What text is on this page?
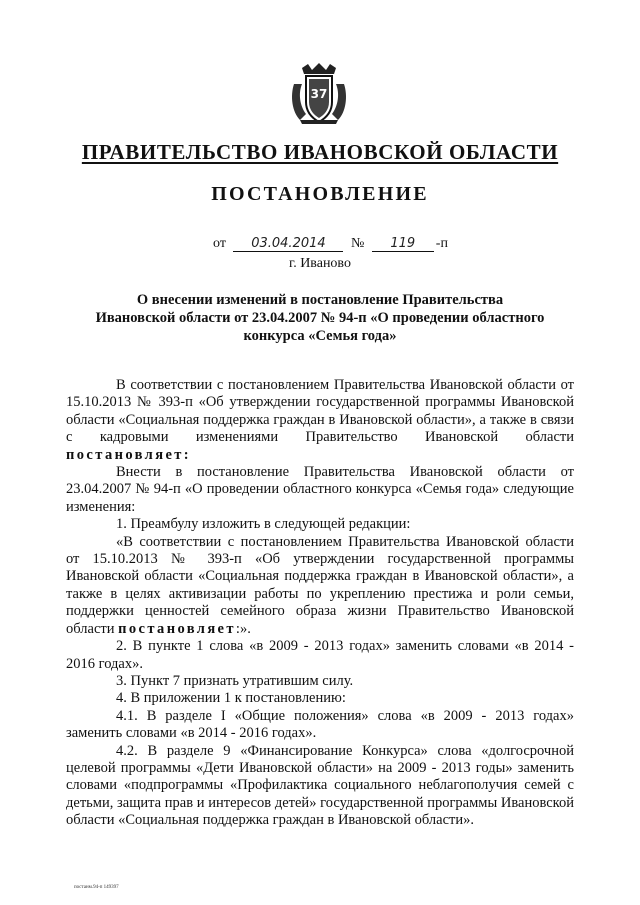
37
ПРАВИТЕЛЬСТВО ИВАНОВСКОЙ ОБЛАСТИ
ПОСТАНОВЛЕНИЕ
от 03.04.2014 № 119 -п
г. Иваново
О внесении изменений в постановление Правительства
Ивановской области от 23.04.2007 № 94-п «О проведении областного
конкурса «Семья года»

В соответствии с постановлением Правительства Ивановской области от 15.10.2013 № 393-п «Об утверждении государственной программы Ивановской области «Социальная поддержка граждан в Ивановской области», а также в связи с кадровыми изменениями Правительство Ивановской области постановляет:

Внести в постановление Правительства Ивановской области от 23.04.2007 № 94-п «О проведении областного конкурса «Семья года» следующие изменения:

1. Преамбулу изложить в следующей редакции:

«В соответствии с постановлением Правительства Ивановской области от 15.10.2013 № 393-п «Об утверждении государственной программы Ивановской области «Социальная поддержка граждан в Ивановской области», а также в целях активизации работы по укреплению престижа и роли семьи, поддержки ценностей семейного образа жизни Правительство Ивановской области постановляет:».

2. В пункте 1 слова «в 2009 - 2013 годах» заменить словами «в 2014 - 2016 годах».

3. Пункт 7 признать утратившим силу.

4. В приложении 1 к постановлению:

4.1. В разделе I «Общие положения» слова «в 2009 - 2013 годах» заменить словами «в 2014 - 2016 годах».

4.2. В разделе 9 «Финансирование Конкурса» слова «долгосрочной целевой программы «Дети Ивановской области» на 2009 - 2013 годы» заменить словами «подпрограммы «Профилактика социального неблагополучия семей с детьми, защита прав и интересов детей» государственной программы Ивановской области «Социальная поддержка граждан в Ивановской области».

постанм.94-п 149397
